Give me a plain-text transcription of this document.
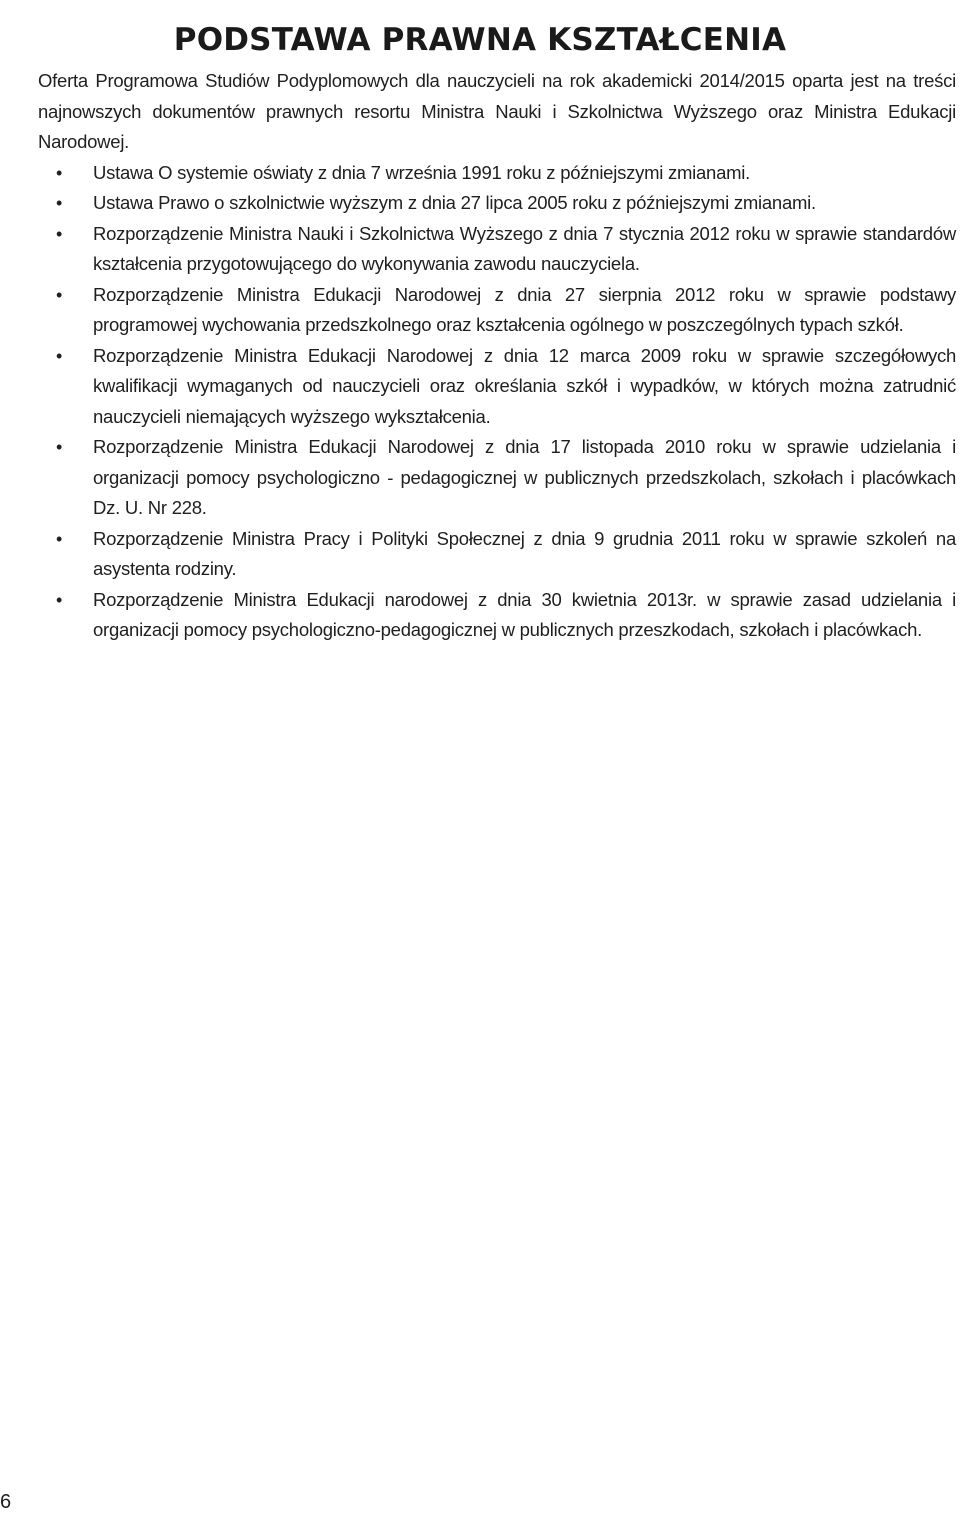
PODSTAWA PRAWNA KSZTAŁCENIA

Oferta Programowa Studiów Podyplomowych dla nauczycieli na rok akademicki 2014/2015 oparta jest na treści najnowszych dokumentów prawnych resortu Ministra Nauki i Szkolnictwa Wyższego oraz Ministra Edukacji Narodowej.

•	Ustawa O systemie oświaty z dnia 7 września 1991 roku z późniejszymi zmianami.
•	Ustawa Prawo o szkolnictwie wyższym z dnia 27 lipca 2005 roku z późniejszymi zmianami.
•	Rozporządzenie Ministra Nauki i Szkolnictwa Wyższego z dnia 7 stycznia 2012 roku w sprawie standardów kształcenia przygotowującego do wykonywania zawodu nauczyciela.
•	Rozporządzenie Ministra Edukacji Narodowej z dnia 27 sierpnia 2012 roku w sprawie podstawy programowej wychowania przedszkolnego oraz kształcenia ogólnego w poszczególnych typach szkół.
•	Rozporządzenie Ministra Edukacji Narodowej z dnia 12 marca 2009 roku w sprawie szczegółowych kwalifikacji wymaganych od nauczycieli oraz określania szkół i wypadków, w których można zatrudnić nauczycieli niemających wyższego wykształcenia.
•	Rozporządzenie Ministra Edukacji Narodowej z dnia 17 listopada 2010 roku w sprawie udzielania i organizacji pomocy psychologiczno - pedagogicznej w publicznych przedszkolach, szkołach i placówkach Dz. U. Nr 228.
•	Rozporządzenie Ministra Pracy i Polityki Społecznej z dnia 9 grudnia 2011 roku w sprawie szkoleń na asystenta rodziny.
•	Rozporządzenie Ministra Edukacji narodowej z dnia 30 kwietnia 2013r. w sprawie zasad udzielania i organizacji pomocy psychologiczno-pedagogicznej w publicznych przeszkodach, szkołach i placówkach.
6
